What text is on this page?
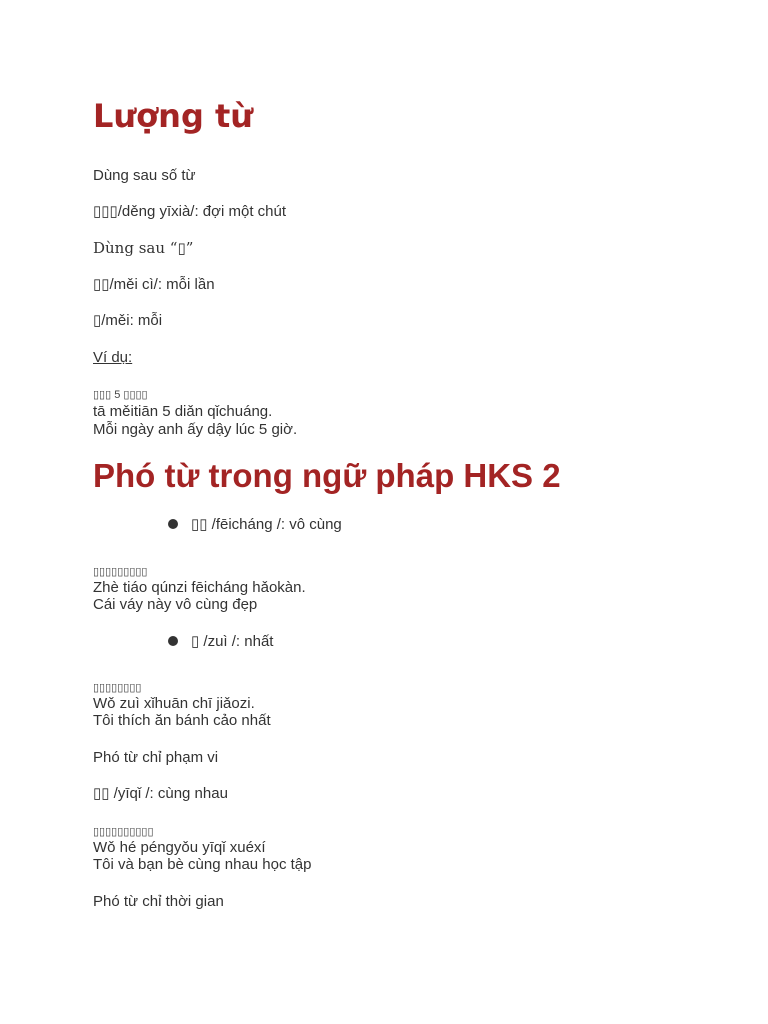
Lượng từ
Dùng sau số từ
▯▯▯/děng yīxià/: đợi một chút
Dùng sau “▯”
▯▯/měi cì/: mỗi lần
▯/měi: mỗi
Ví dụ:
▯▯▯ 5 ▯▯▯▯
tā měitiān 5 diǎn qǐchuáng.
Mỗi ngày anh ấy dậy lúc 5 giờ.
Phó từ trong ngữ pháp HKS 2
▯▯ /fēicháng /: vô cùng
▯▯▯▯▯▯▯▯▯
Zhè tiáo qúnzi fēicháng hǎokàn.
Cái váy này vô cùng đẹp
▯ /zuì /: nhất
▯▯▯▯▯▯▯▯
Wǒ zuì xǐhuān chī jiǎozi.
Tôi thích ăn bánh cảo nhất
Phó từ chỉ phạm vi
▯▯ /yīqǐ /: cùng nhau
▯▯▯▯▯▯▯▯▯▯
Wǒ hé péngyǒu yīqǐ xuéxí
Tôi và bạn bè cùng nhau học tập
Phó từ chỉ thời gian
